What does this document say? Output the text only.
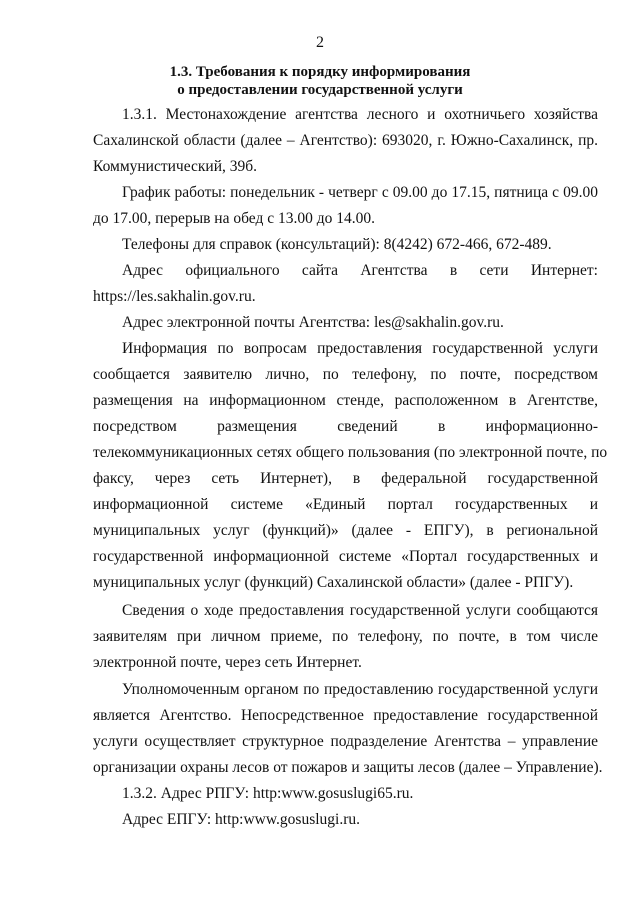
2
1.3. Требования к порядку информирования
о предоставлении государственной услуги
1.3.1. Местонахождение агентства лесного и охотничьего хозяйства
Сахалинской области (далее – Агентство): 693020, г. Южно-Сахалинск, пр.
Коммунистический, 39б.
График работы: понедельник - четверг с 09.00 до 17.15, пятница с 09.00
до 17.00, перерыв на обед с 13.00 до 14.00.
Телефоны для справок (консультаций): 8(4242) 672-466, 672-489.
Адрес официального сайта Агентства в сети Интернет:
https://les.sakhalin.gov.ru.
Адрес электронной почты Агентства: les@sakhalin.gov.ru.
Информация по вопросам предоставления государственной услуги
сообщается заявителю лично, по телефону, по почте, посредством
размещения на информационном стенде, расположенном в Агентстве,
посредством размещения сведений в информационно-
телекоммуникационных сетях общего пользования (по электронной почте, по
факсу, через сеть Интернет), в федеральной государственной
информационной системе «Единый портал государственных и
муниципальных услуг (функций)» (далее - ЕПГУ), в региональной
государственной информационной системе «Портал государственных и
муниципальных услуг (функций) Сахалинской области» (далее - РПГУ).
Сведения о ходе предоставления государственной услуги сообщаются
заявителям при личном приеме, по телефону, по почте, в том числе
электронной почте, через сеть Интернет.
Уполномоченным органом по предоставлению государственной услуги
является Агентство. Непосредственное предоставление государственной
услуги осуществляет структурное подразделение Агентства – управление
организации охраны лесов от пожаров и защиты лесов (далее – Управление).
1.3.2. Адрес РПГУ: http:www.gosuslugi65.ru.
Адрес ЕПГУ: http:www.gosuslugi.ru.
